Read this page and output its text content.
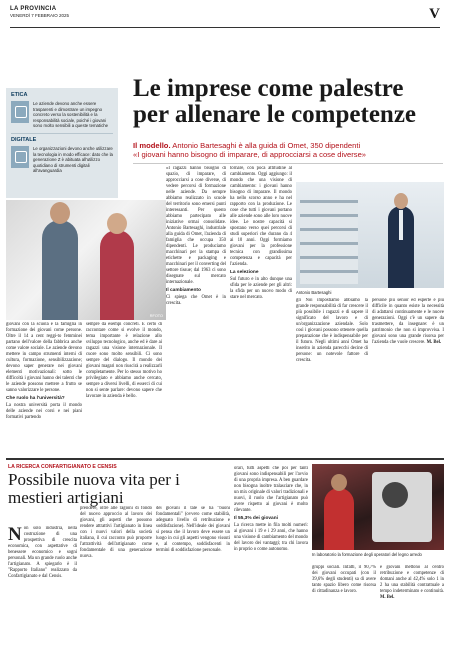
LA PROVINCIA
VENERDÌ 7 FEBBRAIO 2025	V
ETICA
Le aziende devono anche essere trasparenti e dimostrare un impegno concreto verso la sostenibilità e la responsabilità sociale, poiché i giovani sono molto sensibili a queste tematiche
DIGITALE
Le organizzazioni devono anche utilizzare la tecnologia in modo efficace: dato che la generazione Z è abituata all'utilizzo quotidiano di strumenti digitali all'avanguardia
Le imprese come palestre per allenare le competenze
Il modello. Antonio Bartesaghi è alla guida di Omet, 350 dipendenti
«I giovani hanno bisogno di imparare, di approcciarsi a cose diverse»
RFOTO
Antonio Bartesaghi
giovani con la scuola e la famiglia in formazione dei giovani come persone. Oltre il 14 a cent reggi-to femminei partano dell'valore della fabbrica anche come valore sociale. Le aziende devono mettere in campo strumenti interni di cultura, formazione, sensibilizzazione; devono saper generare nei giovani elementi motivazionali: sotto le difficoltà i giovani hanno dei talenti che le aziende possono mettere a frutto se sanno valorizzare le persone.
Che ruolo ha l'università?
La nostra università porta il mondo delle aziende nei corsi e nei piani formativi partendo
sempre da esempi concreti. E certo di raccontare come si evolve il mondo, tema importante è relazione allo sviluppo tecnologico, anche ed è dare ai ragazzi una visione internazionale. Il cuore sono molto sensibili. Ci sono sempre del dialogo. Il mondo dei giovani magari non riuscirà a realizzarli completamente. Per lo stesso motivo ho privilegiato e abbiamo anche cercato, sempre a diversi livelli, di esserci di cui non si sente parlare: devono sapere che lavorare in azienda è bello.
«I ragazzi hanno bisogno di spazio, di imparare, di approcciarsi a cose diverse, di vedere percorsi di formazione nelle aziende. Da sempre abbiamo realizzato in scuole del territorio sono emersi punti interessanti. Per questo abbiamo partecipato alle iniziative ormai consolidate. Antonio Bartesaghi, industriale alla guida di Omet, l'azienda di famiglia che occupa 350 dipendenti. Le produciamo macchinari per la stampa di etichette e packaging e macchinari per il converting del settore tissue; dal 1963 ci sono disegnate sul mercato internazionale.
Il cambiamento
Ci spiega che Omet è in crescita.
tornare, con poca attitudine al cambiamento. Oggi aggiungo: il mondo che una visione di cambiamento: i giovani hanno bisogno di imparare. Il mondo ha nello scorso anno e ha nel rapporto con la produzione. Le cose che tutti i giovani portano alle aziende sono alle loro nuove idee. Le nostre capacità si spostano verso quei percorsi di studi superiori che durano da 4 ai 10 anni. Oggi formiamo giovani per la professione tecnica con grandissima competenza e capacità per l'azienda.
La selezione
Sul futuro e in alto dunque una sfida per le aziende per gli altri: la sfida per un nuovo modo di stare nel mercato.
gli Noi impostiamo abbiamo la grande responsabilità di far crescere il più possibile i ragazzi e di sapere il significato del lavoro e di un'organizzazione aziendale. Solo così i giovani possono ottenere quella preparazione che è indispensabile per il futuro. Negli ultimi anni Omet ha inserito in azienda parecchi decine di persone: un notevole fattore di crescita.
persone più senior ed esperte è più difficile in quanto esiste la necessità di adattarsi continuamente e le nuove generazioni. Oggi c'è un sapere da trasmettere, da insegnare: è un patrimonio che non si improvvisa. I giovani sono una grande risorsa per l'azienda che vuole crescere. M. Bel.
LA RICERCA CONFARTIGIANATO E CENSIS
Possibile nuova vita per i mestieri artigiani
N on solo industria, nella costruzione di una prospettiva di crescita economica, con aspettative di benessere economico e sogni personali. Ma un grande ruolo anche l'artigianato. A spiegarlo è il "Rapporto Italiano" realizzato da Confartigianato e dal Censis.
prendere, oltre alle ragioni di fondo del nuovo approccio al lavoro dei giovani, gli aspetti che possono rendere attrattivi l'artigianato in linea con i nuovi valori della società italiana, il cui racconto può proporre l'attrattività dell'artigianato come fondamentale di una generazione nuova.
dei giovani il tale se ha "buoni fondamentali" (ovvero come stabilità, adeguato livello di retribuzione e soddisfazione). Nell'ideale dei giovani si pensa che il lavoro deve essere un luogo in cui gli aspetti vengono vissuti e, al contempo, soddisfacenti in termini di soddisfazione personale.
orari, tutti aspetti che poi per tanti giovani sono indispensabili per l'avvio di una propria impresa. A ben guardare non bisogna inoltre tralasciare che, in un mix originale di valori tradizionali e nuovi, il ruolo che l'artigianato può avere rispetto ai giovani è molto rilevante.
Il 55,3% dei giovani
La ricerca mette in fila molti numeri: ai giovani i 19 e i 29 anni, che hanno una visione di cambiamento del mondo del lavoro dei vantaggi; tra chi lavora in proprio o come autonomo.
In laboratorio la formazione degli operatori del legno arredo
gruppi sociali. Infatti, il 90,7% dei giovani occupati (con il 39,6% degli studenti) sa di avere tanto spazio libero come risorsa di cittadinanza e lavoro.
e giovani mettono al centro retribuzione e competenze di domani anche al 42,4% solo 1 in 2 ha una stabilità contrattuale a tempo indeterminato e continuità. M. Bel.
